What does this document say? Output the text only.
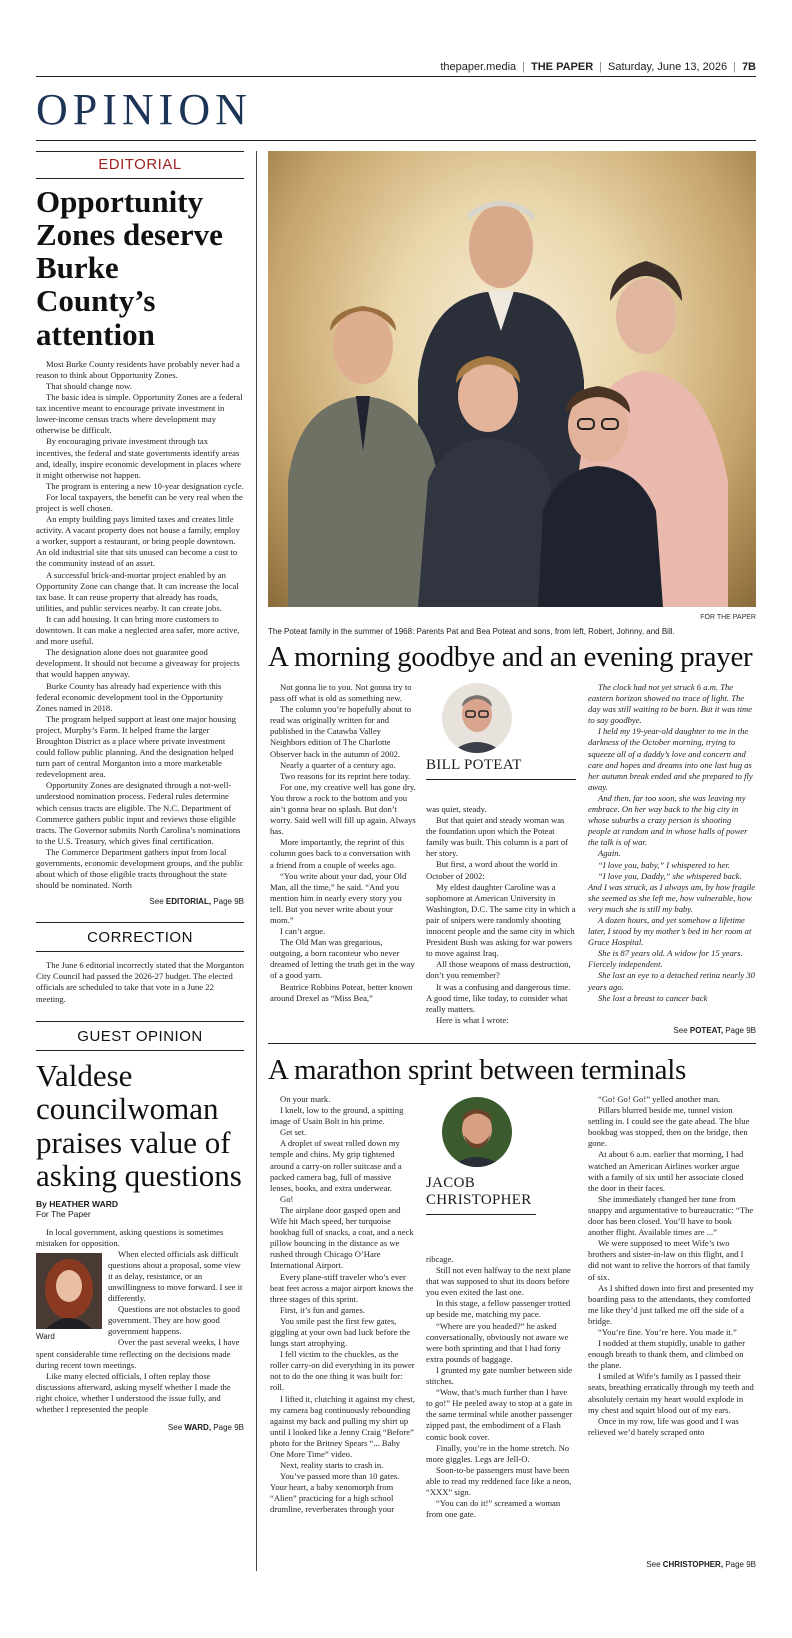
thepaper.media | THE PAPER | Saturday, June 13, 2026 | 7B
OPINION
EDITORIAL
Opportunity Zones deserve Burke County’s attention

Most Burke County residents have probably never had a reason to think about Opportunity Zones.

That should change now.

The basic idea is simple. Opportunity Zones are a federal tax incentive meant to encourage private investment in lower-income census tracts where development may otherwise be difficult.

By encouraging private investment through tax incentives, the federal and state governments identify areas and, ideally, inspire economic development in places where it might otherwise not happen.

The program is entering a new 10-year designation cycle.

For local taxpayers, the benefit can be very real when the project is well chosen.

An empty building pays limited taxes and creates little activity. A vacant property does not house a family, employ a worker, support a restaurant, or bring people downtown. An old industrial site that sits unused can become a cost to the community instead of an asset.

A successful brick-and-mortar project enabled by an Opportunity Zone can change that. It can increase the local tax base. It can reuse property that already has roads, utilities, and public services nearby. It can create jobs.

It can add housing. It can bring more customers to downtown. It can make a neglected area safer, more active, and more useful.

The designation alone does not guarantee good development. It should not become a giveaway for projects that would happen anyway.

Burke County has already had experience with this federal economic development tool in the Opportunity Zones named in 2018.

The program helped support at least one major housing project, Murphy’s Farm. It helped frame the larger Broughton District as a place where private investment could follow public planning. And the designation helped turn part of central Morganton into a more marketable redevelopment area.

Opportunity Zones are designated through a not-well-understood nomination process. Federal rules determine which census tracts are eligible. The N.C. Department of Commerce gathers public input and reviews those eligible tracts. The Governor submits North Carolina’s nominations to the U.S. Treasury, which gives final certification.

The Commerce Department gathers input from local governments, economic development groups, and the public about which of those eligible tracts throughout the state should be nominated. North

See EDITORIAL, Page 9B
CORRECTION

The June 6 editorial incorrectly stated that the Morganton City Council had passed the 2026-27 budget. The elected officials are scheduled to take that vote in a June 22 meeting.

GUEST OPINION
Valdese councilwoman praises value of asking questions
By HEATHER WARD
For The Paper

In local government, asking questions is sometimes mistaken for opposition.

Ward

When elected officials ask difficult questions about a proposal, some view it as delay, resistance, or an unwillingness to move forward. I see it differently.

Questions are not obstacles to good government. They are how good government happens.

Over the past several weeks, I have spent considerable time reflecting on the decisions made during recent town meetings.

Like many elected officials, I often replay those discussions afterward, asking myself whether I made the right choice, whether I understood the issue fully, and whether I represented the people

See WARD, Page 9B
FOR THE PAPER
The Poteat family in the summer of 1968: Parents Pat and Bea Poteat and sons, from left, Robert, Johnny, and Bill.
A morning goodbye and an evening prayer

Not gonna lie to you. Not gonna try to pass off what is old as something new.

The column you’re hopefully about to read was originally written for and published in the Catawba Valley Neighbors edition of The Charlotte Observer back in the autumn of 2002.

Nearly a quarter of a century ago.

Two reasons for its reprint here today.

For one, my creative well has gone dry. You throw a rock to the bottom and you ain’t gonna hear no splash. But don’t worry. Said well will fill up again. Always has.

More importantly, the reprint of this column goes back to a conversation with a friend from a couple of weeks ago.

“You write about your dad, your Old Man, all the time,” he said. “And you mention him in nearly every story you tell. But you never write about your mom.”

I can’t argue.

The Old Man was gregarious, outgoing, a born raconteur who never dreamed of letting the truth get in the way of a good yarn.

Beatrice Robbins Poteat, better known around Drexel as “Miss Bea,”

BILL POTEAT

was quiet, steady.

But that quiet and steady woman was the foundation upon which the Poteat family was built. This column is a part of her story.

But first, a word about the world in October of 2002:

My eldest daughter Caroline was a sophomore at American University in Washington, D.C. The same city in which a pair of snipers were randomly shooting innocent people and the same city in which President Bush was asking for war powers to move against Iraq.

All those weapons of mass destruction, don’t you remember?

It was a confusing and dangerous time. A good time, like today, to consider what really matters.

Here is what I wrote:

The clock had not yet struck 6 a.m. The eastern horizon showed no trace of light. The day was still waiting to be born. But it was time to say goodbye.

I held my 19-year-old daughter to me in the darkness of the October morning, trying to squeeze all of a daddy’s love and concern and care and hopes and dreams into one last hug as her autumn break ended and she prepared to fly away.

And then, far too soon, she was leaving my embrace. On her way back to the big city in whose suburbs a crazy person is shooting people at random and in whose halls of power the talk is of war.

Again.

“I love you, baby,” I whispered to her.

“I love you, Daddy,” she whispered back. And I was struck, as I always am, by how fragile she seemed as she left me, how vulnerable, how very much she is still my baby.

A dozen hours, and yet somehow a lifetime later, I stood by my mother’s bed in her room at Grace Hospital.

She is 87 years old. A widow for 15 years. Fiercely independent.

She lost an eye to a detached retina nearly 30 years ago.

She lost a breast to cancer back

See POTEAT, Page 9B
A marathon sprint between terminals

On your mark.

I knelt, low to the ground, a spitting image of Usain Bolt in his prime.

Get set.

A droplet of sweat rolled down my temple and chins. My grip tightened around a carry-on roller suitcase and a packed camera bag, full of massive lenses, books, and extra underwear.

Go!

The airplane door gasped open and Wife hit Mach speed, her turquoise bookbag full of snacks, a coat, and a neck pillow bouncing in the distance as we rushed through Chicago O’Hare International Airport.

Every plane-stiff traveler who’s ever beat feet across a major airport knows the three stages of this sprint.

First, it’s fun and games.

You smile past the first few gates, giggling at your own bad luck before the lungs start atrophying.

I fell victim to the chuckles, as the roller carry-on did everything in its power not to do the one thing it was built for: roll.

I lifted it, clutching it against my chest, my camera bag continuously rebounding against my back and pulling my shirt up until I looked like a Jenny Craig “Before” photo for the Britney Spears “... Baby One More Time” video.

Next, reality starts to crash in.

You’ve passed more than 10 gates. Your heart, a baby xenomorph from “Alien” practicing for a high school drumline, reverberates through your

JACOB CHRISTOPHER

ribcage.

Still not even halfway to the next plane that was supposed to shut its doors before you even exited the last one.

In this stage, a fellow passenger trotted up beside me, matching my pace.

“Where are you headed?” he asked conversationally, obviously not aware we were both sprinting and that I had forty extra pounds of baggage.

I grunted my gate number between side stitches.

“Wow, that’s much further than I have to go!” He peeled away to stop at a gate in the same terminal while another passenger zipped past, the embodiment of a Flash comic book cover.

Finally, you’re in the home stretch. No more giggles. Legs are Jell-O.

Soon-to-be passengers must have been able to read my reddened face like a neon, “XXX” sign.

“You can do it!” screamed a woman from one gate.

“Go! Go! Go!” yelled another man.

Pillars blurred beside me, tunnel vision settling in. I could see the gate ahead. The blue bookbag was stopped, then on the bridge, then gone.

At about 6 a.m. earlier that morning, I had watched an American Airlines worker argue with a family of six until her associate closed the door in their faces.

She immediately changed her tune from snappy and argumentative to bureaucratic: “The door has been closed. You’ll have to book another flight. Available times are ...”

We were supposed to meet Wife’s two brothers and sister-in-law on this flight, and I did not want to relive the horrors of that family of six.

As I shifted down into first and presented my boarding pass to the attendants, they comforted me like they’d just talked me off the side of a bridge.

“You’re fine. You’re here. You made it.”

I nodded at them stupidly, unable to gather enough breath to thank them, and climbed on the plane.

I smiled at Wife’s family as I passed their seats, breathing erratically through my teeth and absolutely certain my heart would explode in my chest and squirt blood out of my ears.

Once in my row, life was good and I was relieved we’d barely scraped onto

See CHRISTOPHER, Page 9B
